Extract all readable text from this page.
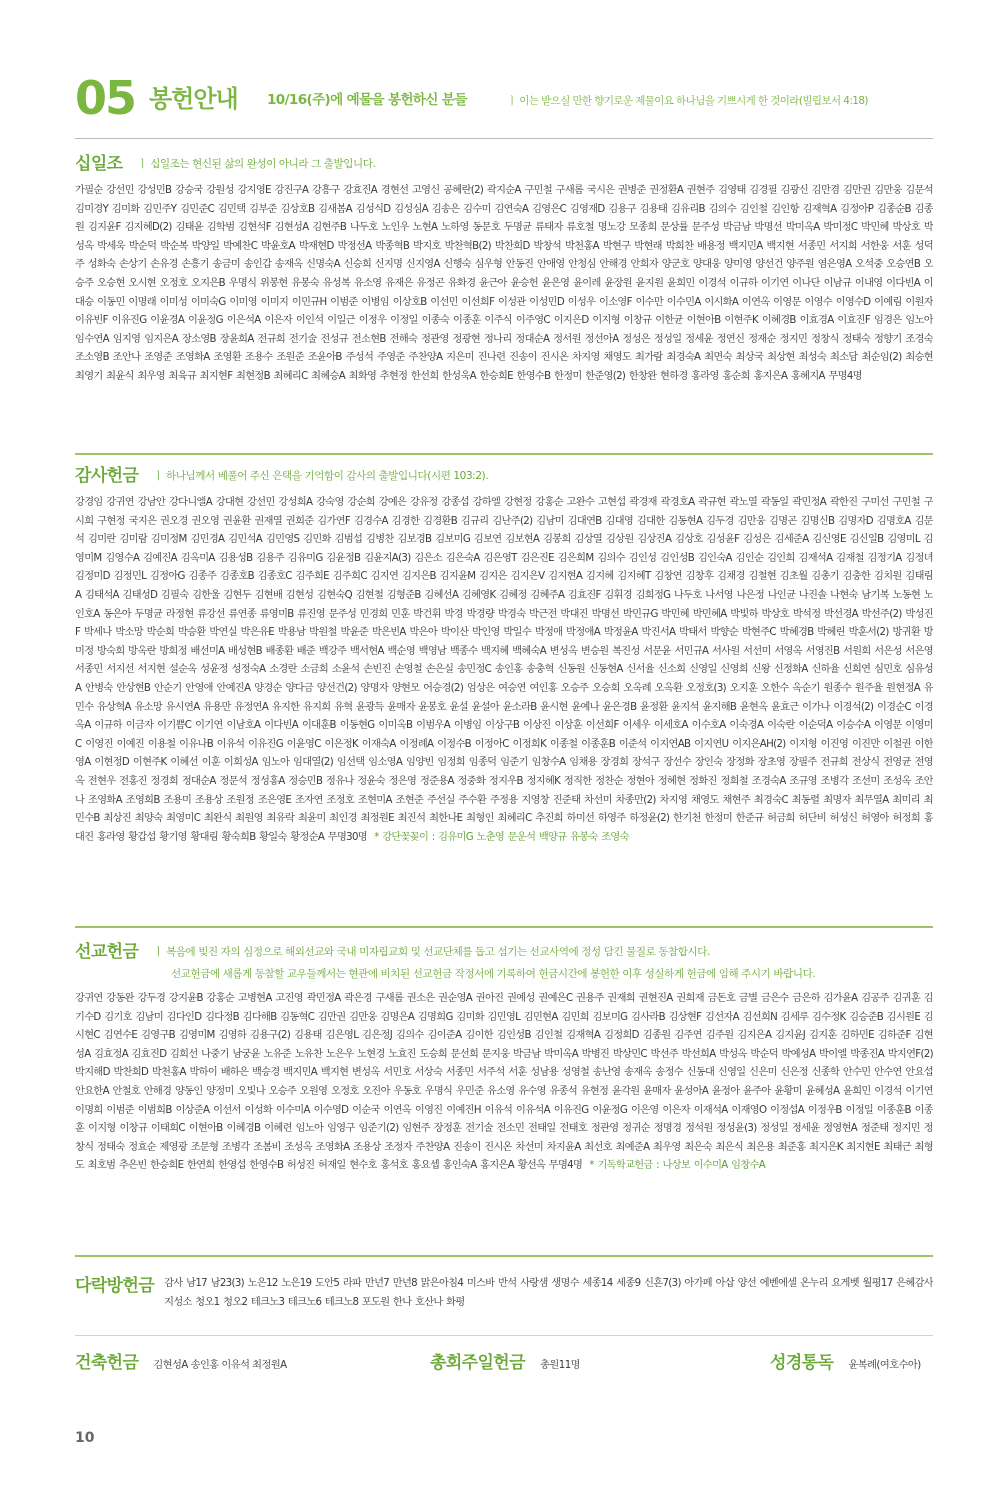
05 봉헌안내 10/16(주)에 예물을 봉헌하신 분들	ㅣ 이는 받으실 만한 향기로운 제물이요 하나님을 기쁘시게 한 것이라(빌립보서 4:18)
십일조 ㅣ 십일조는 현신된 삶의 완성이 아니라 그 출발입니다.
가필순 강선민 강성민B 강승국 강원성 강지영E 강진구A 강흥구 강효진A 경현선 고영신 공혜란(2) 곽지순A 구민철 구새롬 국시은 권병준 권정환A 권현주 김영태 김경필 김광신 김만겸 김만권 김만웅 김문석 김미경Y 김미화 김민주Y 김민준C 김민택 김부준 김상호B 김새봄A 김성식D 김성심A 김송은 김수미 김연숙A 김영은C 김영재D 김용구 김용태 김유리B 김의수 김인철 김인항 김재혁A 김정아P 김종순B 김종원 김지윤F 김지혜D(2) 김태윤 김학범 김현석F 김현성A 김현주B 나두호 노인우 노현A 노하영 동문호 두명균 류태자 류호철 명노강 모종희 문상률 문주성 박금남 박명선 박미옥A 박미정C 박민혜 박상호 박성옥 박세욱 박순덕 박순복 박양일 박예찬C 박윤호A 박재현D 박정선A 박종혁B 박지호 박찬혁B(2) 박찬희D 박창석 박천홍A 박현구 박현래 박희찬 배용정 백지민A 백지현 서종민 서지희 서한웅 서훈 성덕주 성화숙 손상기 손유경 손흥기 송금미 송인갑 송재옥 신명숙A 신승희 신지명 신지영A 신행숙 심우형 안동진 안애영 안청심 안해경 안희자 양군호 양대웅 양미영 양선건 양주원 염은영A 오석중 오승연B 오승주 오승현 오시현 오정호 오지은B 우명식 위봉현 유봉숙 유성복 유소영 유재은 유정곤 유화경 윤근아 윤승헌 윤은영 윤이레 윤장원 윤지원 윤희민 이경석 이규하 이기연 이나단 이남규 이내영 이다빈A 이대승 이동민 이명래 이미성 이미숙G 이미영 이미지 이민규H 이범준 이병임 이상호B 이선민 이선희F 이성관 이성민D 이성우 이소영F 이수만 이수민A 이시화A 이연옥 이영문 이영수 이영수D 이예림 이원자 이유빈F 이유진G 이윤경A 이윤정G 이은석A 이은자 이인석 이일근 이정우 이정일 이종숙 이종훈 이주식 이주영C 이지은D 이지형 이창규 이한균 이현아B 이현주K 이혜경B 이효경A 이효진F 임경은 임노아 임수연A 임지영 임지은A 장소영B 장윤희A 전규희 전기술 전성규 전소현B 전해숙 정관영 정광현 정나리 정대순A 정서원 정선아A 정성은 정성일 정세윤 정연신 정재순 정지민 정창식 정태숙 정향기 조경숙 조소영B 조안나 조영준 조영화A 조영환 조용수 조원준 조윤아B 주성석 주영준 주찬양A 지은미 진나련 진송이 진시온 차지영 채영도 최가람 최경숙A 최면숙 최상국 최상현 최성숙 최소담 최순임(2) 최승현 최영기 최윤식 최우영 최육규 최지현F 최현정B 최혜리C 최혜승A 최화영 추현정 한선희 한성욱A 한승희E 한영수B 한정미 한준영(2) 한창완 현하경 홍라영 홍순희 홍지은A 홍혜지A 무명4명
감사헌금 ㅣ 하나님께서 베풀어 주신 은택을 기억함이 감사의 출발입니다(시편 103:2).
강경임 강귀연 강남안 강다니엘A 강대현 강선민 강성희A 강숙영 강순희 강예은 강유정 강종섭 강하엘 강현정 강홍순 고완수 고현섭 곽경재 곽경호A 곽규현 곽노열 곽동일 곽민정A 곽한진 구미선 구민철 구시희 구현정 국지은 권오경 권오영 권윤환 권재열 권희준 김가연F 김경수A 김경한 김경환B 김규리 김난주(2) 김남미 김대연B 김대영 김대한 김동현A 김두경 김만웅 김명곤 김명신B 김명자D 김명호A 김문석 김미란 김미람 김미정M 김민경A 김민석A 김민영S 김민화 김범섭 김병찬 김보경B 김보미G 김보연 김보현A 김봉희 김상열 김상원 김상진A 김상호 김성윤F 김성은 김세준A 김신영E 김신일B 김영미L 김영미M 김영수A 김예진A 김옥미A 김용성B 김용주 김유미G 김윤정B 김윤지A(3) 김은소 김은숙A 김은영T 김은진E 김은희M 김의수 김인성 김인성B 김인숙A 김인순 김인희 김재석A 김재철 김정기A 김정녀 김정미D 김정민L 김정아G 김종주 김종호B 김종호C 김주희E 김주희C 김지연 김지은B 김지윤M 김지은 김지은V 김지현A 김지혜 김지혜T 김창연 김창후 김채경 김철현 김초월 김총기 김충한 김치원 김태림A 김태석A 김태성D 김필숙 김한울 김현두 김현배 김현성 김현숙Q 김현철 김형준B 김혜선A 김혜영K 김혜정 김혜주A 김효진F 김휘경 김희정G 나두호 나서영 나은정 나인균 나진솔 나현숙 남기복 노동현 노인호A 동은아 두명균 라정현 류강선 류연종 류영미B 류진영 문주성 민경희 민훈 박건휘 박경 박경량 박경숙 박근전 박대진 박명선 박민규G 박민혜 박민혜A 박빛하 박상호 박석정 박선경A 박선주(2) 박성진F 박세나 박소망 박순희 박승환 박연실 박은유E 박용남 박원철 박윤준 박은빈A 박은아 박이산 박인영 박일수 박정애 박정애A 박정윤A 박진서A 박태서 박향순 박현주C 박혜경B 박혜린 박훈서(2) 방귀환 방미정 방숙희 방옥란 방희정 배선미A 배성현B 배종환 배준 백강주 백서현A 백순영 백영남 백종수 백지혜 백혜숙A 변성옥 변승원 복진성 서문윤 서민규A 서사원 서선미 서영옥 서영진B 서원희 서은성 서은영 서종민 서지선 서지현 설순옥 성윤정 성정숙A 소경란 소금희 소윤석 손빈진 손영철 손은실 송민정C 송인홍 송충혁 신동원 신동현A 신서율 신소희 신영일 신영희 신왕 신정화A 신하율 신희연 심민호 심유성A 안병숙 안상현B 안순기 안영애 안예진A 양경순 양다금 양선건(2) 양명자 양현모 어승경(2) 엄상은 여승연 여인홍 오승주 오승희 오옥례 오옥환 오정호(3) 오지훈 오한수 옥순기 원종수 원주율 원현정A 유민수 유상혁A 유소망 유시연A 유용만 유정연A 유지한 유지희 유혁 윤광득 윤매자 윤봉호 윤설 윤설아 윤소라B 윤시현 윤예나 윤은경B 윤정환 윤지석 윤지해B 윤현옥 윤효근 이가나 이경석(2) 이경순C 이경옥A 이규하 이금자 이기쁨C 이기연 이남호A 이다빈A 이대훈B 이동현G 이미옥B 이범우A 이병임 이상구B 이상진 이상훈 이선희F 이세우 이세호A 이수호A 이숙경A 이숙란 이순덕A 이승수A 이영문 이영미C 이영진 이예진 이용철 이유나B 이유석 이유진G 이윤영C 이은정K 이재숙A 이정례A 이정수B 이정아C 이정희K 이종철 이종훈B 이준석 이지연AB 이지연U 이지은AH(2) 이지형 이진영 이진만 이철권 이한영A 이현정D 이현주K 이혜선 이훈 이희성A 임노아 임대열(2) 임선택 임소영A 임양빈 임정희 임종덕 임준기 임창수A 임채용 장경희 장석구 장선수 장인숙 장정화 장초영 장필주 전규희 전상식 전영균 전영옥 전현우 전홍진 정경희 정대순A 정문석 정성홍A 정승민B 정유나 정윤숙 정은영 정준용A 정중화 정지우B 정지혜K 정직한 정찬순 정현아 정혜현 정화진 정희철 조경숙A 조규영 조병각 조선미 조성옥 조안나 조영화A 조영희B 조용미 조용상 조원정 조은영E 조자연 조정호 조현미A 조현준 주선실 주수환 주정용 지영창 진준태 차선미 차종만(2) 차지영 채영도 채현주 최경숙C 최동렬 최명자 최무열A 최미리 최민수B 최상진 최양숙 최영미C 최완식 최원영 최유락 최윤미 최인경 최정원E 최진석 최한나E 최형인 최혜리C 추진희 하미선 하영주 하정윤(2) 한기천 한정미 한준규 허금희 허단비 허성신 허영아 허정희 홍대진 홍라영 황갑섭 황기영 황대림 황숙희B 황일숙 황정순A 무명30명 * 강단꽃꽂이 : 김유미G 노춘영 문운석 백양규 유봉숙 조영숙
선교헌금 ㅣ 복음에 빚진 자의 심정으로 해외선교와 국내 미자립교회 및 선교단체를 돕고 섬기는 선교사역에 정성 담긴 물질로 동참합시다.
선교헌금에 새롭게 동참할 교우들께서는 현관에 비치된 선교헌금 작정서에 기록하여 헌금시간에 봉헌한 이후 성실하게 헌금에 임해 주시기 바랍니다.
강귀연 강동완 강두경 강지윤B 강홍순 고병현A 고진영 곽민정A 곽은경 구새롬 권소은 권순영A 권아진 권예성 권예은C 권용주 권재희 권현진A 권희재 금돈호 금별 금은수 금은하 김가윤A 김공주 김귀훈 김기수D 김기호 김남미 김다인D 김다정B 김다해B 김동혁C 김만권 김만웅 김명은A 김명희G 김미화 김민영L 김민현A 김민희 김보미G 김사라B 김상현F 김선자A 김선희N 김세루 김수정K 김승준B 김시원E 김시현C 김연수E 김영구B 김영미M 김영하 김용구(2) 김용태 김은영L 김은정J 김의수 김이준A 김이한 김인성B 김인철 김재혁A 김정희D 김종원 김주연 김주원 김지은A 김지윤J 김지훈 김하민E 김하준F 김현성A 김효정A 김효진D 김희선 나중기 남궁윤 노유준 노유찬 노은우 노현경 노효진 도승희 문선희 문지웅 박금남 박미옥A 박병진 박상민C 박선주 박선희A 박성옥 박순덕 박예성A 박이엘 박종진A 박지연F(2) 박지해D 박찬희D 박천홍A 박하이 배하은 백승경 백지민A 백지현 변성옥 서민호 서상숙 서종민 서주석 서훈 성남용 성영철 송난영 송재옥 송정수 신동대 신영일 신은미 신은정 신종학 안수민 안수연 안요섭 안요한A 안철호 안해경 양동인 양정미 오빛나 오승주 오원영 오정호 오진아 우동호 우명식 우민준 유소영 유수영 유종석 유현정 윤각원 윤매자 윤성아A 윤정아 윤주아 윤황미 윤혜성A 윤희민 이경석 이기연 이명희 이범준 이범희B 이상준A 이선서 이성화 이수미A 이수영D 이순국 이연옥 이영진 이예진H 이유석 이유석A 이유진G 이윤정G 이은영 이은자 이재석A 이재영O 이정섭A 이정우B 이정일 이종훈B 이종훈 이지형 이창규 이태희C 이현아B 이혜경B 이혜련 임노아 임영구 임준기(2) 임현주 장정훈 전기술 전소민 전태일 전태호 정관영 정귀순 정명경 정석원 정성윤(3) 정성일 정세윤 정영현A 정준태 정지민 정창식 정태숙 정효순 제영광 조문형 조병각 조봄비 조성옥 조영화A 조용상 조정자 주찬양A 진송이 진시온 차선미 차지윤A 최선호 최예준A 최우영 최은숙 최은식 최은용 최준홍 최지은K 최지현E 최태근 최형도 최호범 추은빈 한승희E 한연희 한영섭 한영수B 허성진 허재일 현수호 홍석호 홍요셉 홍인숙A 홍지은A 황선옥 무명4명 * 기독학교헌금 : 나상보 이수미A 임창수A
다락방헌금 감사 남17 남23(3) 노은12 노은19 도안5 라파 만년7 만년8 맑은아침4 미스바 반석 사랑샘 생명수 세종14 세종9 신흔7(3) 아가페 아삽 양선 에벤에셀 온누리 요게벳 월평17 은혜감사 지성소 청오1 청오2 테크노3 테크노6 테크노8 포도원 한나 호산나 화평
건축헌금 김현성A 송인홍 이유석 최정원A	총회주일헌금 총원11명	성경통독 윤복례(여호수아)
10
